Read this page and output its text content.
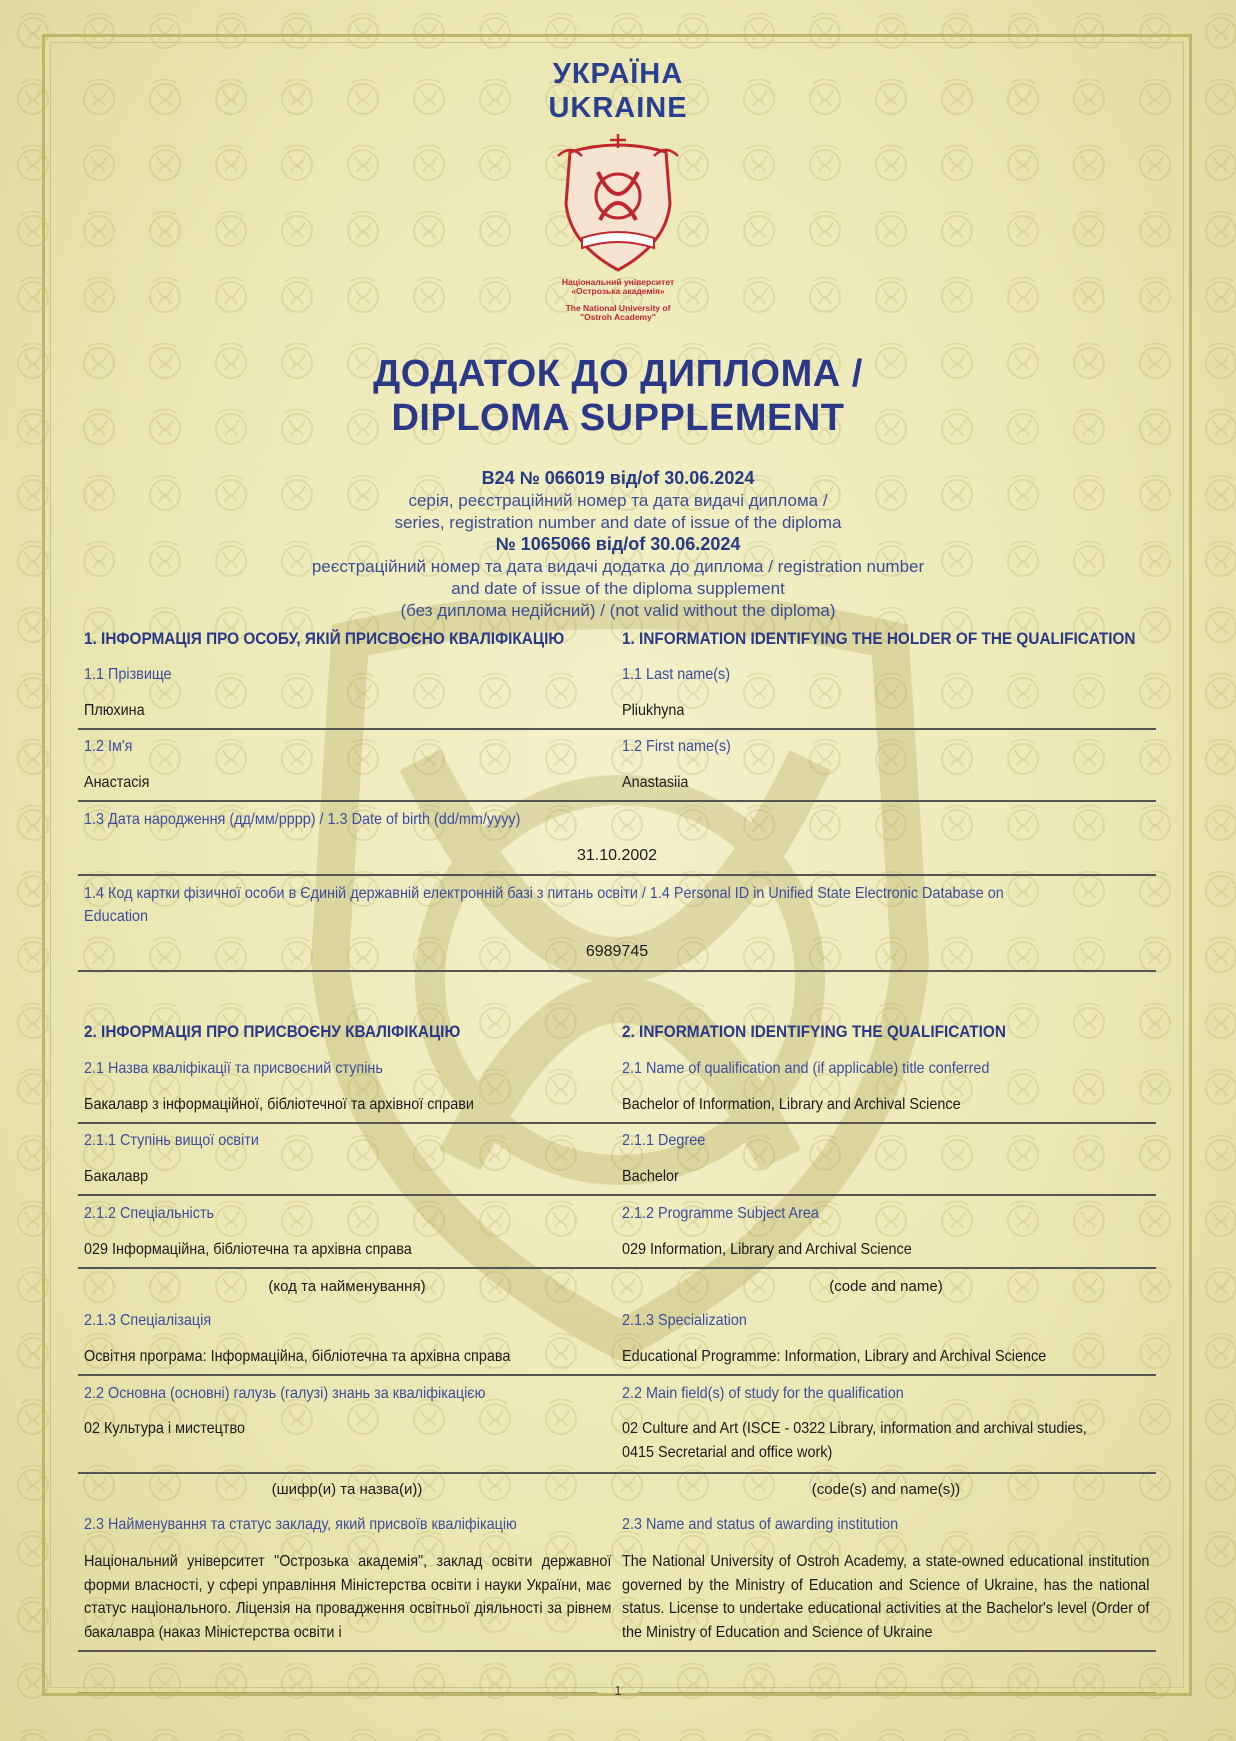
УКРАЇНА
UKRAINE
Національний університет
«Острозька академія»
The National University of
"Ostroh Academy"
ДОДАТОК ДО ДИПЛОМА /
DIPLOMA SUPPLEMENT
B24 № 066019 від/of 30.06.2024
серія, реєстраційний номер та дата видачі диплома /
series, registration number and date of issue of the diploma
№ 1065066 від/of 30.06.2024
реєстраційний номер та дата видачі додатка до диплома / registration number
and date of issue of the diploma supplement
(без диплома недійсний) / (not valid without the diploma)
1. ІНФОРМАЦІЯ ПРО ОСОБУ, ЯКІЙ ПРИСВОЄНО КВАЛІФІКАЦІЮ	1. INFORMATION IDENTIFYING THE HOLDER OF THE QUALIFICATION
1.1 Прізвище	1.1 Last name(s)
Плюхина	Pliukhyna
1.2 Ім'я	1.2 First name(s)
Анастасія	Anastasiia
1.3 Дата народження (дд/мм/рррр) / 1.3 Date of birth (dd/mm/yyyy)
31.10.2002
1.4 Код картки фізичної особи в Єдиній державній електронній базі з питань освіти / 1.4 Personal ID in Unified State Electronic Database on
Education
6989745
2. ІНФОРМАЦІЯ ПРО ПРИСВОЄНУ КВАЛІФІКАЦІЮ	2. INFORMATION IDENTIFYING THE QUALIFICATION
2.1 Назва кваліфікації та присвоєний ступінь	2.1 Name of qualification and (if applicable) title conferred
Бакалавр з інформаційної, бібліотечної та архівної справи	Bachelor of Information, Library and Archival Science
2.1.1 Ступінь вищої освіти	2.1.1 Degree
Бакалавр	Bachelor
2.1.2 Спеціальність	2.1.2 Programme Subject Area
029 Інформаційна, бібліотечна та архівна справа	029 Information, Library and Archival Science
(код та найменування)	(code and name)
2.1.3 Спеціалізація	2.1.3 Specialization
Освітня програма: Інформаційна, бібліотечна та архівна справа	Educational Programme: Information, Library and Archival Science
2.2 Основна (основні) галузь (галузі) знань за кваліфікацією	2.2 Main field(s) of study for the qualification
02 Культура і мистецтво	02 Culture and Art (ISCE - 0322 Library, information and archival studies,
0415 Secretarial and office work)
(шифр(и) та назва(и))	(code(s) and name(s))
2.3 Найменування та статус закладу, який присвоїв кваліфікацію	2.3 Name and status of awarding institution
Національний університет "Острозька академія", заклад освіти державної форми власності, у сфері управління Міністерства освіти і науки України, має статус національного. Ліцензія на провадження освітньої діяльності за рівнем бакалавра (наказ Міністерства освіти і
The National University of Ostroh Academy, a state-owned educational institution governed by the Ministry of Education and Science of Ukraine, has the national status. License to undertake educational activities at the Bachelor's level (Order of the Ministry of Education and Science of Ukraine
1
